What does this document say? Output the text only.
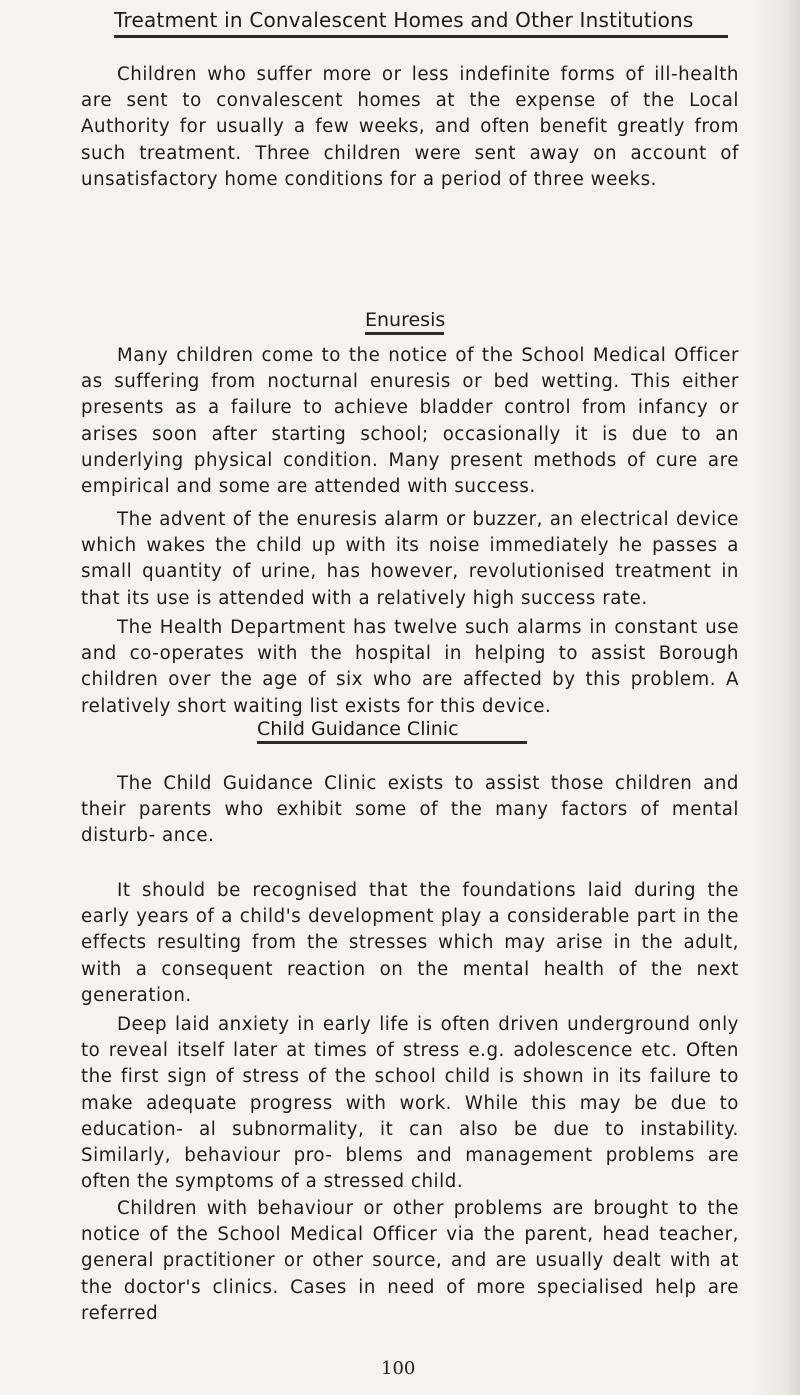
Treatment in Convalescent Homes and Other Institutions

Children who suffer more or less indefinite forms of ill-health are sent to convalescent homes at the expense of the Local Authority for usually a few weeks, and often benefit greatly from such treatment. Three children were sent away on account of unsatisfactory home conditions for a period of three weeks.

Enuresis

Many children come to the notice of the School Medical Officer as suffering from nocturnal enuresis or bed wetting. This either presents as a failure to achieve bladder control from infancy or arises soon after starting school; occasionally it is due to an underlying physical condition. Many present methods of cure are empirical and some are attended with success.

The advent of the enuresis alarm or buzzer, an electrical device which wakes the child up with its noise immediately he passes a small quantity of urine, has however, revolutionised treatment in that its use is attended with a relatively high success rate.

The Health Department has twelve such alarms in constant use and co-operates with the hospital in helping to assist Borough children over the age of six who are affected by this problem. A relatively short waiting list exists for this device.

Child Guidance Clinic

The Child Guidance Clinic exists to assist those children and their parents who exhibit some of the many factors of mental disturb- ance.

It should be recognised that the foundations laid during the early years of a child's development play a considerable part in the effects resulting from the stresses which may arise in the adult, with a consequent reaction on the mental health of the next generation.

Deep laid anxiety in early life is often driven underground only to reveal itself later at times of stress e.g. adolescence etc. Often the first sign of stress of the school child is shown in its failure to make adequate progress with work. While this may be due to education- al subnormality, it can also be due to instability. Similarly, behaviour pro- blems and management problems are often the symptoms of a stressed child.

Children with behaviour or other problems are brought to the notice of the School Medical Officer via the parent, head teacher, general practitioner or other source, and are usually dealt with at the doctor's clinics. Cases in need of more specialised help are referred

100
